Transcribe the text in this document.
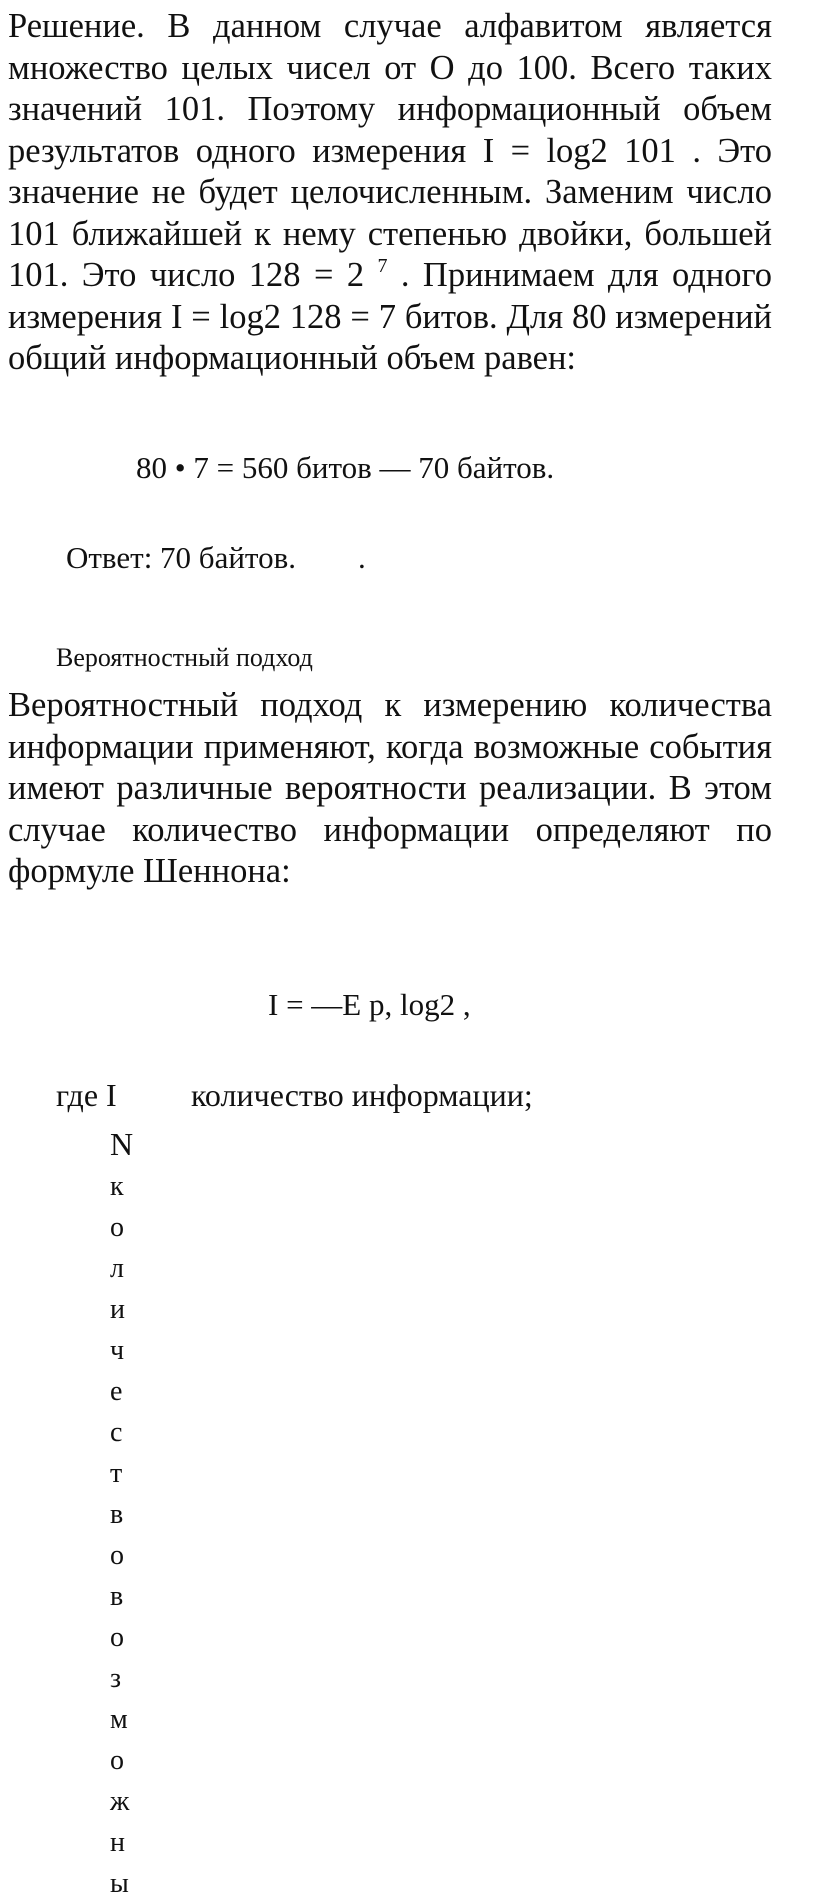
Решение. В данном случае алфавитом является множество целых чисел от О до 100. Всего таких значений 101. Поэтому информационный объем результатов одного измерения I = log2 101 . Это значение не будет целочисленным. Заменим число 101 ближайшей к нему степенью двойки, большей 101. Это число 128 = 2 $^7$ . Принимаем для одного измерения I = log2 128 = 7 битов. Для 80 измерений общий информационный объем равен:

80 • 7 = 560 битов — 70 байтов.

Ответ: 70 байтов. .

Вероятностный подход

Вероятностный подход к измерению количества информации применяют, когда возможные события имеют различные вероятности реализации. В этом случае количество информации определяют по формуле Шеннона:

I = —Е р, log2 ,

где I количество информации;
N
к
о
л
и
ч
е
с
т
в
о
в
о
з
м
о
ж
н
ы
